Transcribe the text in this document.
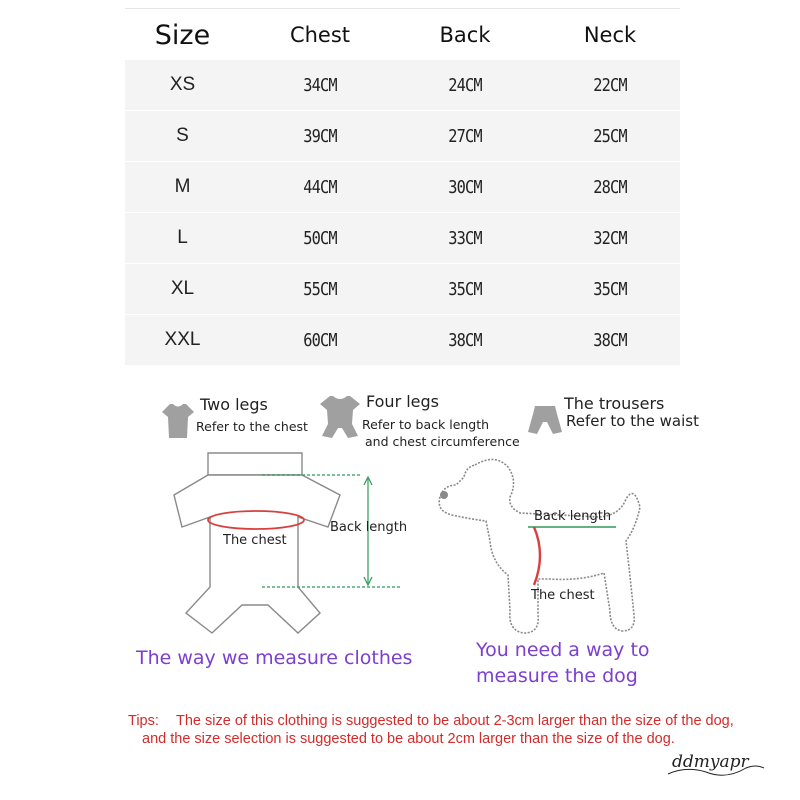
Size	Chest	Back	Neck
XS	34CM	24CM	22CM
S	39CM	27CM	25CM
M	44CM	30CM	28CM
L	50CM	33CM	32CM
XL	55CM	35CM	35CM
XXL	60CM	38CM	38CM
Two legs
Refer to the chest
Four legs
Refer to back length
and chest circumference
The trousers
Refer to the waist
The chest
Back length
The way we measure clothes
Back length
The chest
You need a way to
measure the dog
Tips:	The size of this clothing is suggested to be about 2-3cm larger than the size of the dog, and the size selection is suggested to be about 2cm larger than the size of the dog.
ddmyapr
